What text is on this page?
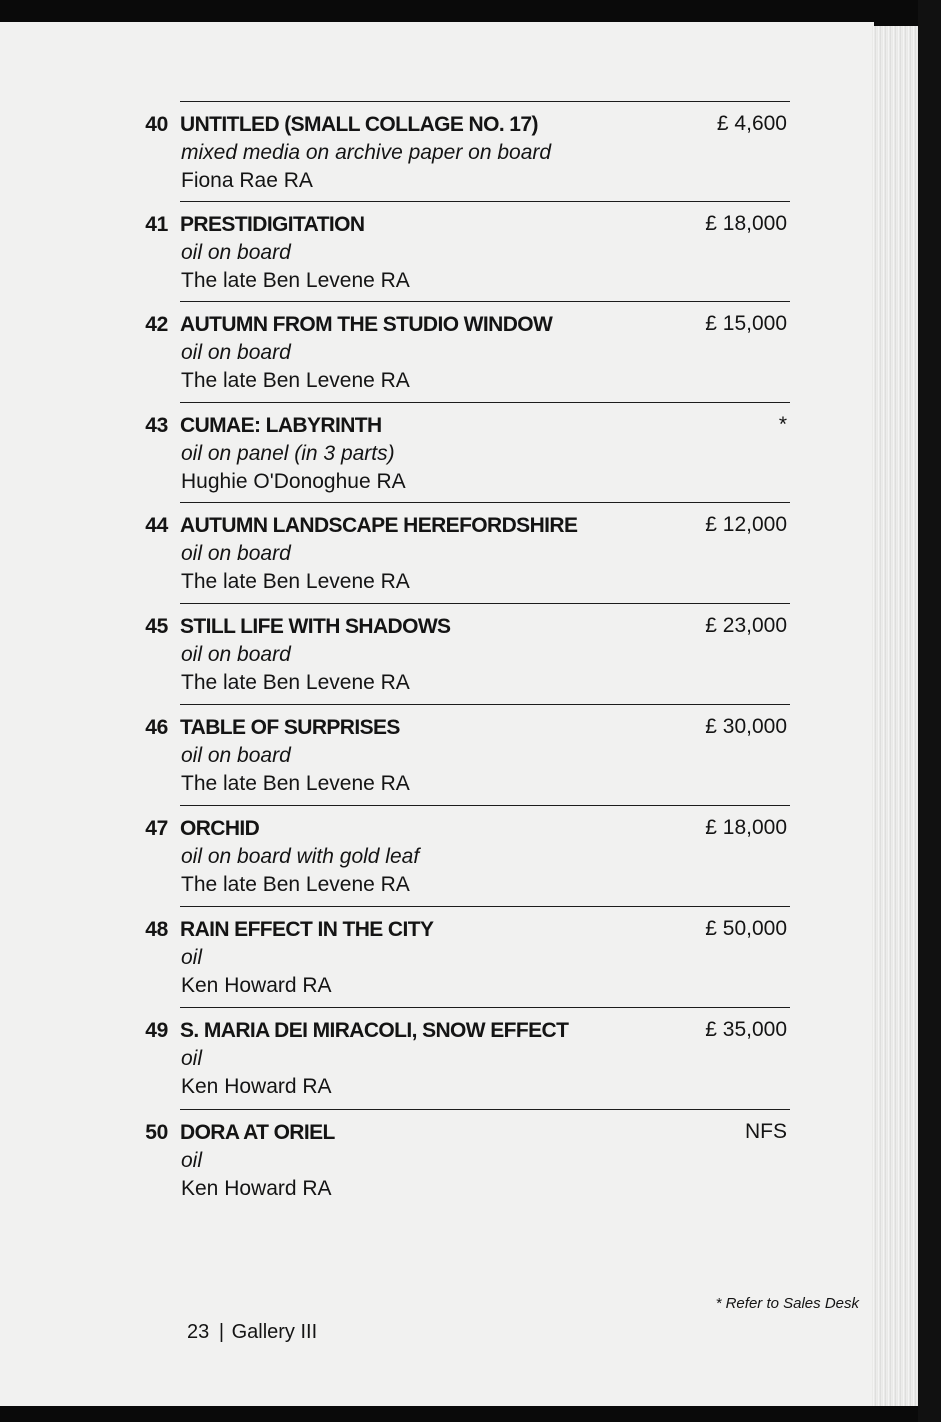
40 UNTITLED (SMALL COLLAGE NO. 17)
mixed media on archive paper on board
Fiona Rae RA
£ 4,600
41 PRESTIDIGITATION
oil on board
The late Ben Levene RA
£ 18,000
42 AUTUMN FROM THE STUDIO WINDOW
oil on board
The late Ben Levene RA
£ 15,000
43 CUMAE: LABYRINTH
oil on panel (in 3 parts)
Hughie O'Donoghue RA
*
44 AUTUMN LANDSCAPE HEREFORDSHIRE
oil on board
The late Ben Levene RA
£ 12,000
45 STILL LIFE WITH SHADOWS
oil on board
The late Ben Levene RA
£ 23,000
46 TABLE OF SURPRISES
oil on board
The late Ben Levene RA
£ 30,000
47 ORCHID
oil on board with gold leaf
The late Ben Levene RA
£ 18,000
48 RAIN EFFECT IN THE CITY
oil
Ken Howard RA
£ 50,000
49 S. MARIA DEI MIRACOLI, SNOW EFFECT
oil
Ken Howard RA
£ 35,000
50 DORA AT ORIEL
oil
Ken Howard RA
NFS
* Refer to Sales Desk
23 | Gallery III
